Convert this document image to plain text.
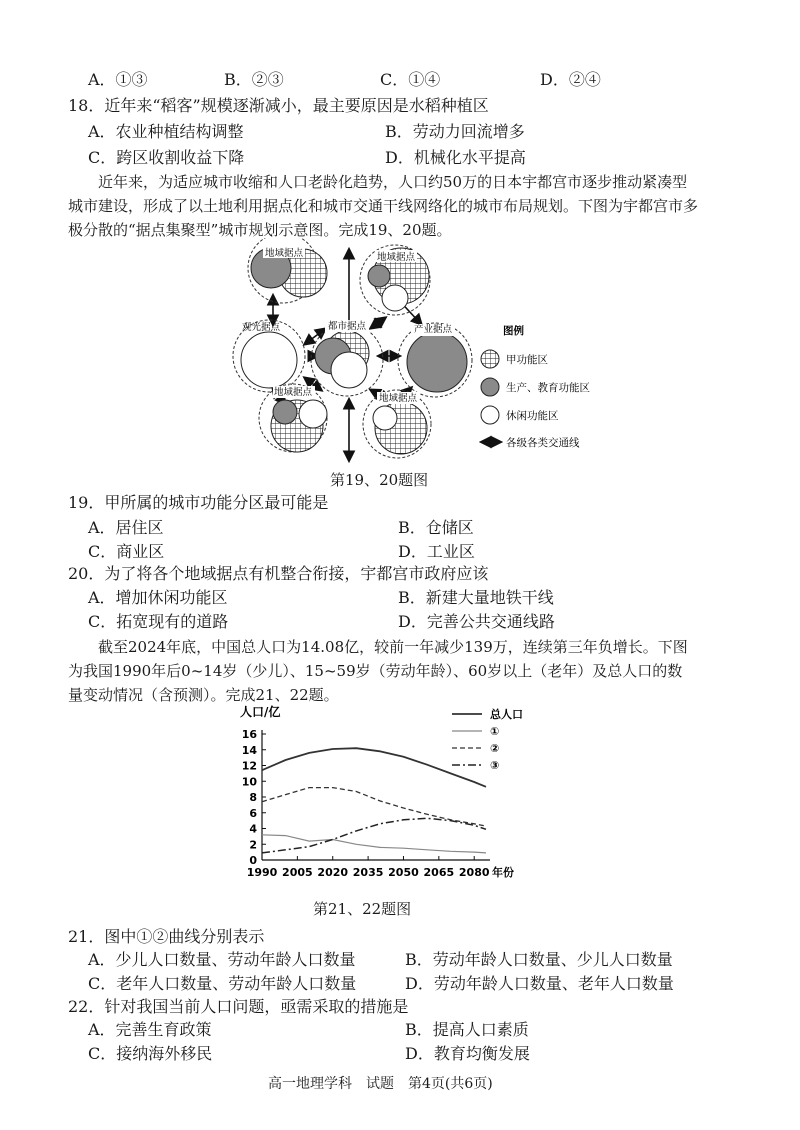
A．①③	B．②③	C．①④	D．②④
18．近年来“稻客”规模逐渐减小，最主要原因是水稻种植区
A．农业种植结构调整	B．劳动力回流增多
C．跨区收割收益下降	D．机械化水平提高
近年来，为适应城市收缩和人口老龄化趋势，人口约50万的日本宇都宫市逐步推动紧凑型
城市建设，形成了以土地利用据点化和城市交通干线网络化的城市布局规划。下图为宇都宫市多
极分散的“据点集聚型”城市规划示意图。完成19、20题。
地域据点	地域据点
观光据点	都市据点	产业据点
地域据点
地域据点
图例
甲功能区
生产、教育功能区
休闲功能区
各级各类交通线
第19、20题图
19．甲所属的城市功能分区最可能是
A．居住区	B．仓储区
C．商业区	D．工业区
20．为了将各个地域据点有机整合衔接，宇都宫市政府应该
A．增加休闲功能区	B．新建大量地铁干线
C．拓宽现有的道路	D．完善公共交通线路
截至2024年底，中国总人口为14.08亿，较前一年减少139万，连续第三年负增长。下图
为我国1990年后0~14岁（少儿）、15~59岁（劳动年龄）、60岁以上（老年）及总人口的数
量变动情况（含预测）。完成21、22题。
0
2
4
6
8
10
12
14
16
1990 2005 2020 2035 2050 2065 2080 年份
人口/亿	总人口
①
②
③
第21、22题图
21．图中①②曲线分别表示
A．少儿人口数量、劳动年龄人口数量	B．劳动年龄人口数量、少儿人口数量
C．老年人口数量、劳动年龄人口数量	D．劳动年龄人口数量、老年人口数量
22．针对我国当前人口问题，亟需采取的措施是
A．完善生育政策	B．提高人口素质
C．接纳海外移民	D．教育均衡发展
高一地理学科　试题　第4页(共6页)
